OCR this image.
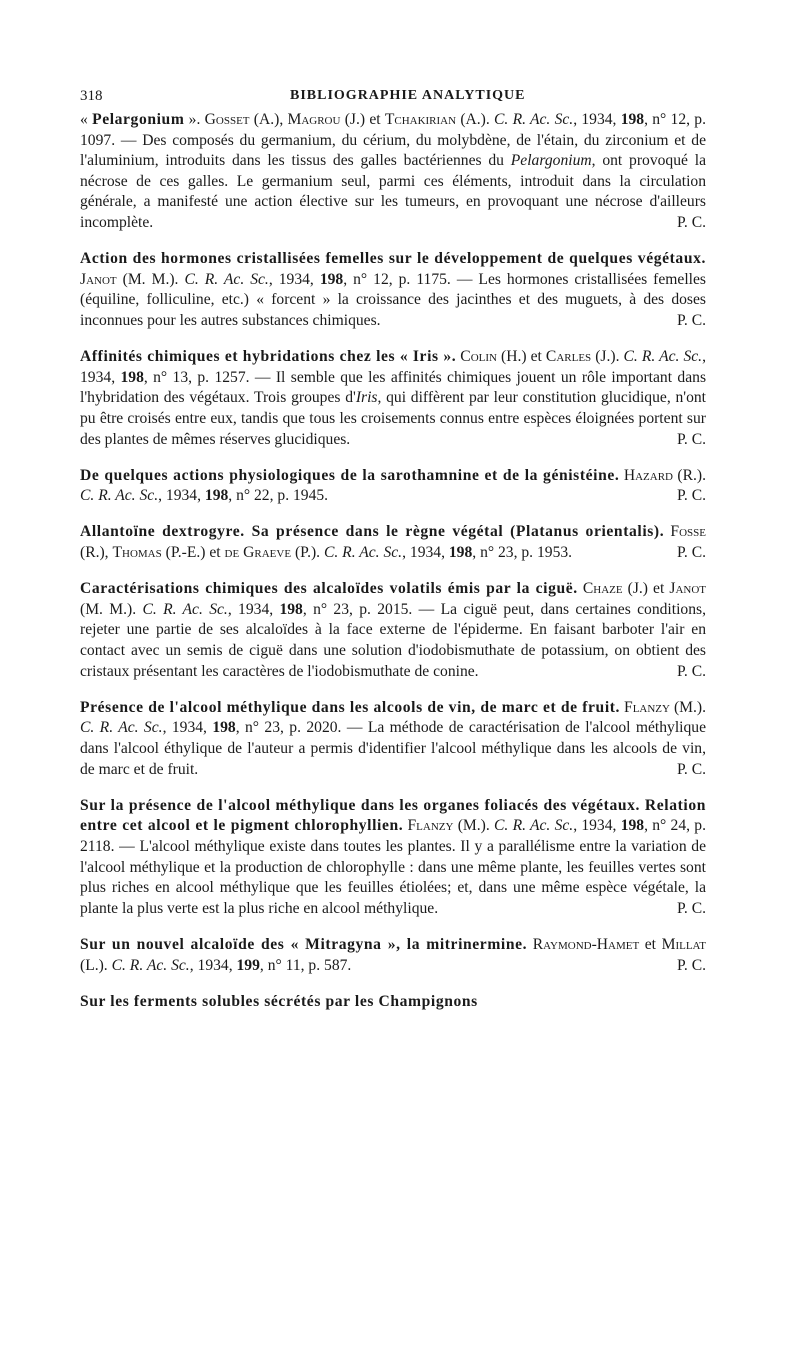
318	BIBLIOGRAPHIE ANALYTIQUE

« Pelargonium ». Gosset (A.), Magrou (J.) et Tchakirian (A.). C. R. Ac. Sc., 1934, 198, n° 12, p. 1097. — Des composés du germanium, du cérium, du molybdène, de l'étain, du zirconium et de l'aluminium, introduits dans les tissus des galles bactériennes du Pelargonium, ont provoqué la nécrose de ces galles. Le germanium seul, parmi ces éléments, introduit dans la circulation générale, a manifesté une action élective sur les tumeurs, en provoquant une nécrose d'ailleurs incomplète.	P. C.

Action des hormones cristallisées femelles sur le développement de quelques végétaux. Janot (M. M.). C. R. Ac. Sc., 1934, 198, n° 12, p. 1175. — Les hormones cristallisées femelles (équiline, folliculine, etc.) « forcent » la croissance des jacinthes et des muguets, à des doses inconnues pour les autres substances chimiques.	P. C.

Affinités chimiques et hybridations chez les « Iris ». Colin (H.) et Carles (J.). C. R. Ac. Sc., 1934, 198, n° 13, p. 1257. — Il semble que les affinités chimiques jouent un rôle important dans l'hybridation des végétaux. Trois groupes d'Iris, qui diffèrent par leur constitution glucidique, n'ont pu être croisés entre eux, tandis que tous les croisements connus entre espèces éloignées portent sur des plantes de mêmes réserves glucidiques.	P. C.

De quelques actions physiologiques de la sarothamnine et de la génistéine. Hazard (R.). C. R. Ac. Sc., 1934, 198, n° 22, p. 1945.	P. C.

Allantoïne dextrogyre. Sa présence dans le règne végétal (Platanus orientalis). Fosse (R.), Thomas (P.-E.) et de Graeve (P.). C. R. Ac. Sc., 1934, 198, n° 23, p. 1953.	P. C.

Caractérisations chimiques des alcaloïdes volatils émis par la ciguë. Chaze (J.) et Janot (M. M.). C. R. Ac. Sc., 1934, 198, n° 23, p. 2015. — La ciguë peut, dans certaines conditions, rejeter une partie de ses alcaloïdes à la face externe de l'épiderme. En faisant barboter l'air en contact avec un semis de ciguë dans une solution d'iodobismuthate de potassium, on obtient des cristaux présentant les caractères de l'iodobismuthate de conine.	P. C.

Présence de l'alcool méthylique dans les alcools de vin, de marc et de fruit. Flanzy (M.). C. R. Ac. Sc., 1934, 198, n° 23, p. 2020. — La méthode de caractérisation de l'alcool méthylique dans l'alcool éthylique de l'auteur a permis d'identifier l'alcool méthylique dans les alcools de vin, de marc et de fruit.	P. C.

Sur la présence de l'alcool méthylique dans les organes foliacés des végétaux. Relation entre cet alcool et le pigment chlorophyllien. Flanzy (M.). C. R. Ac. Sc., 1934, 198, n° 24, p. 2118. — L'alcool méthylique existe dans toutes les plantes. Il y a parallélisme entre la variation de l'alcool méthylique et la production de chlorophylle : dans une même plante, les feuilles vertes sont plus riches en alcool méthylique que les feuilles étiolées; et, dans une même espèce végétale, la plante la plus verte est la plus riche en alcool méthylique.	P. C.

Sur un nouvel alcaloïde des « Mitragyna », la mitrinermine. Raymond-Hamet et Millat (L.). C. R. Ac. Sc., 1934, 199, n° 11, p. 587.	P. C.

Sur les ferments solubles sécrétés par les Champignons
